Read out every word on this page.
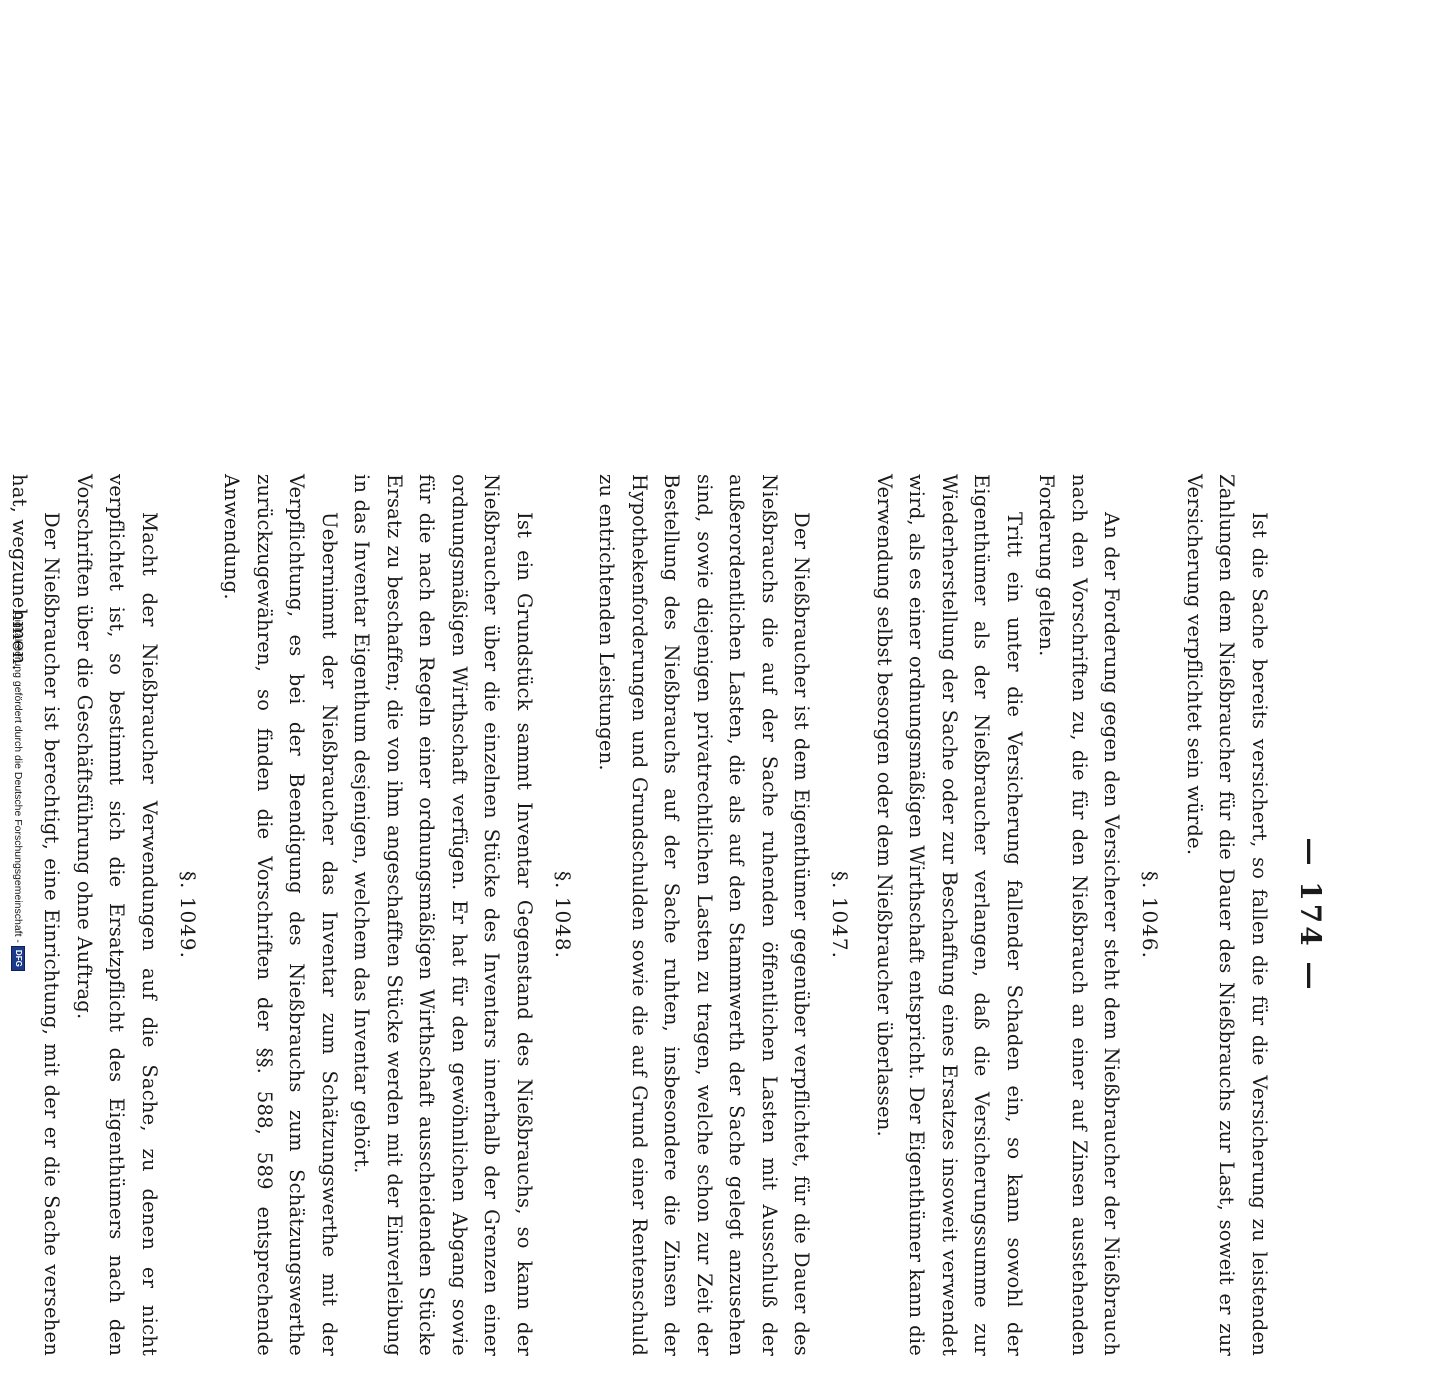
— 174 —

Ist die Sache bereits versichert, so fallen die für die Versicherung zu leistenden Zahlungen dem Nießbraucher für die Dauer des Nießbrauchs zur Last, soweit er zur Versicherung verpflichtet sein würde.

§. 1046.

An der Forderung gegen den Versicherer steht dem Nießbraucher der Nießbrauch nach den Vorschriften zu, die für den Nießbrauch an einer auf Zinsen ausstehenden Forderung gelten.

Tritt ein unter die Versicherung fallender Schaden ein, so kann sowohl der Eigenthümer als der Nießbraucher verlangen, daß die Versicherungssumme zur Wiederherstellung der Sache oder zur Beschaffung eines Ersatzes insoweit verwendet wird, als es einer ordnungsmäßigen Wirthschaft entspricht. Der Eigenthümer kann die Verwendung selbst besorgen oder dem Nießbraucher überlassen.

§. 1047.

Der Nießbraucher ist dem Eigenthümer gegenüber verpflichtet, für die Dauer des Nießbrauchs die auf der Sache ruhenden öffentlichen Lasten mit Ausschluß der außerordentlichen Lasten, die als auf den Stammwerth der Sache gelegt anzusehen sind, sowie diejenigen privatrechtlichen Lasten zu tragen, welche schon zur Zeit der Bestellung des Nießbrauchs auf der Sache ruhten, insbesondere die Zinsen der Hypothekenforderungen und Grundschulden sowie die auf Grund einer Rentenschuld zu entrichtenden Leistungen.

§. 1048.

Ist ein Grundstück sammt Inventar Gegenstand des Nießbrauchs, so kann der Nießbraucher über die einzelnen Stücke des Inventars innerhalb der Grenzen einer ordnungsmäßigen Wirthschaft verfügen. Er hat für den gewöhnlichen Abgang sowie für die nach den Regeln einer ordnungsmäßigen Wirthschaft ausscheidenden Stücke Ersatz zu beschaffen; die von ihm angeschafften Stücke werden mit der Einverleibung in das Inventar Eigenthum desjenigen, welchem das Inventar gehört.

Uebernimmt der Nießbraucher das Inventar zum Schätzungswerthe mit der Verpflichtung, es bei der Beendigung des Nießbrauchs zum Schätzungswerthe zurückzugewähren, so finden die Vorschriften der §§. 588, 589 entsprechende Anwendung.

§. 1049.

Macht der Nießbraucher Verwendungen auf die Sache, zu denen er nicht verpflichtet ist, so bestimmt sich die Ersatzpflicht des Eigenthümers nach den Vorschriften über die Geschäftsführung ohne Auftrag.

Der Nießbraucher ist berechtigt, eine Einrichtung, mit der er die Sache versehen hat, wegzunehmen.

Digitalisierung gefördert durch die Deutsche Forschungsgemeinschaft -
DFG
